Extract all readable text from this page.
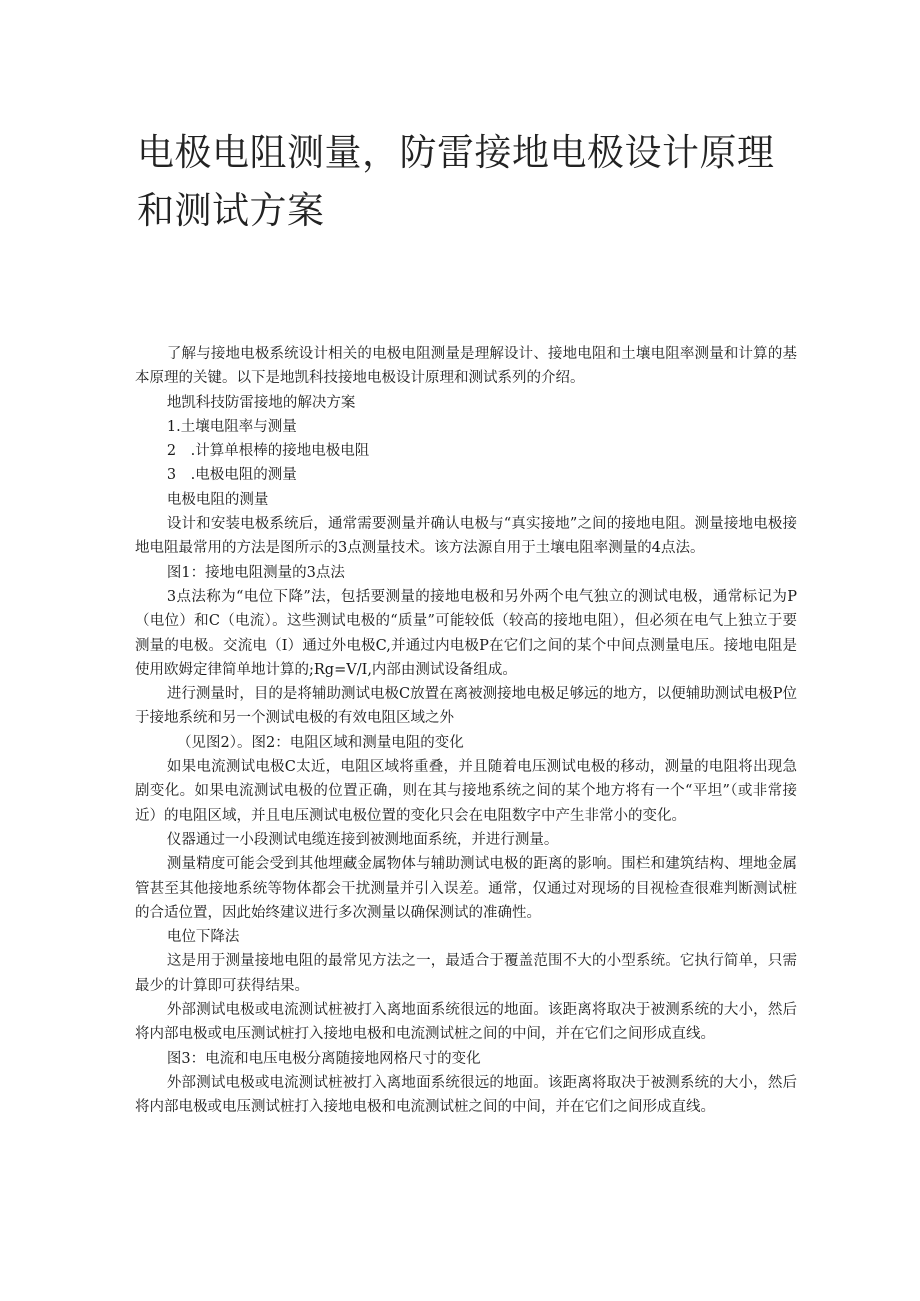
电极电阻测量，防雷接地电极设计原理和测试方案

了解与接地电极系统设计相关的电极电阻测量是理解设计、接地电阻和土壤电阻率测量和计算的基本原理的关键。以下是地凯科技接地电极设计原理和测试系列的介绍。

地凯科技防雷接地的解决方案

1.土壤电阻率与测量

2　.计算单根棒的接地电极电阻

3　.电极电阻的测量

电极电阻的测量

设计和安装电极系统后，通常需要测量并确认电极与“真实接地”之间的接地电阻。测量接地电极接地电阻最常用的方法是图所示的3点测量技术。该方法源自用于土壤电阻率测量的4点法。

图1：接地电阻测量的3点法

3点法称为“电位下降”法，包括要测量的接地电极和另外两个电气独立的测试电极，通常标记为P（电位）和C（电流）。这些测试电极的“质量”可能较低（较高的接地电阻），但必须在电气上独立于要测量的电极。交流电（I）通过外电极C,并通过内电极P在它们之间的某个中间点测量电压。接地电阻是使用欧姆定律简单地计算的;Rg=V/I,内部由测试设备组成。

进行测量时，目的是将辅助测试电极C放置在离被测接地电极足够远的地方，以便辅助测试电极P位于接地系统和另一个测试电极的有效电阻区域之外

（见图2）。图2：电阻区域和测量电阻的变化

如果电流测试电极C太近，电阻区域将重叠，并且随着电压测试电极的移动，测量的电阻将出现急剧变化。如果电流测试电极的位置正确，则在其与接地系统之间的某个地方将有一个“平坦”（或非常接近）的电阻区域，并且电压测试电极位置的变化只会在电阻数字中产生非常小的变化。

仪器通过一小段测试电缆连接到被测地面系统，并进行测量。

测量精度可能会受到其他埋藏金属物体与辅助测试电极的距离的影响。围栏和建筑结构、埋地金属管甚至其他接地系统等物体都会干扰测量并引入误差。通常，仅通过对现场的目视检查很难判断测试桩的合适位置，因此始终建议进行多次测量以确保测试的准确性。

电位下降法

这是用于测量接地电阻的最常见方法之一，最适合于覆盖范围不大的小型系统。它执行简单，只需最少的计算即可获得结果。

外部测试电极或电流测试桩被打入离地面系统很远的地面。该距离将取决于被测系统的大小，然后将内部电极或电压测试桩打入接地电极和电流测试桩之间的中间，并在它们之间形成直线。

图3：电流和电压电极分离随接地网格尺寸的变化

外部测试电极或电流测试桩被打入离地面系统很远的地面。该距离将取决于被测系统的大小，然后将内部电极或电压测试桩打入接地电极和电流测试桩之间的中间，并在它们之间形成直线。
